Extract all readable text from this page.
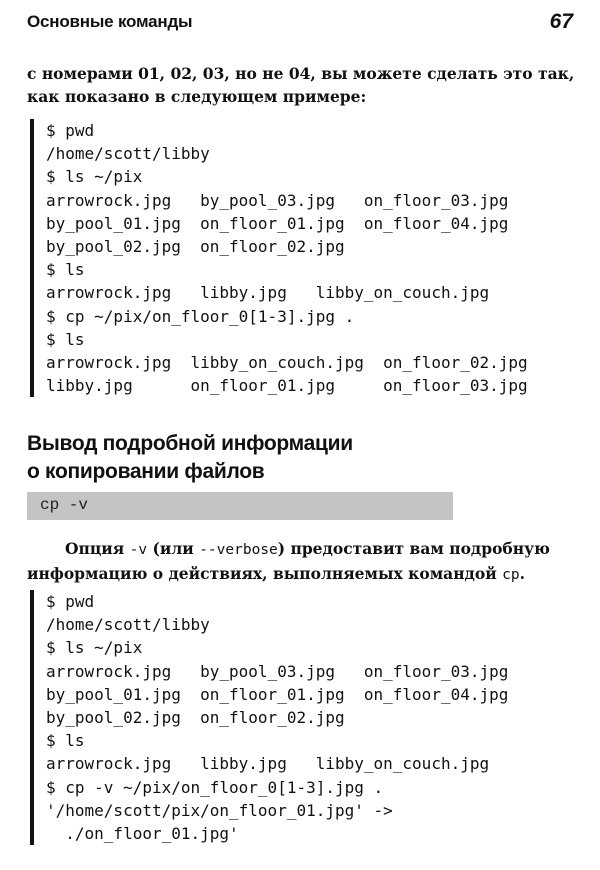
Основные команды	67
с номерами 01, 02, 03, но не 04, вы можете сделать это так,
как показано в следующем примере:
$ pwd
/home/scott/libby
$ ls ~/pix
arrowrock.jpg   by_pool_03.jpg   on_floor_03.jpg
by_pool_01.jpg  on_floor_01.jpg  on_floor_04.jpg
by_pool_02.jpg  on_floor_02.jpg
$ ls
arrowrock.jpg   libby.jpg   libby_on_couch.jpg
$ cp ~/pix/on_floor_0[1-3].jpg .
$ ls
arrowrock.jpg  libby_on_couch.jpg  on_floor_02.jpg
libby.jpg      on_floor_01.jpg     on_floor_03.jpg
Вывод подробной информации
о копировании файлов
cp -v
Опция -v (или --verbose) предоставит вам подробную
информацию о действиях, выполняемых командой cp.
$ pwd
/home/scott/libby
$ ls ~/pix
arrowrock.jpg   by_pool_03.jpg   on_floor_03.jpg
by_pool_01.jpg  on_floor_01.jpg  on_floor_04.jpg
by_pool_02.jpg  on_floor_02.jpg
$ ls
arrowrock.jpg   libby.jpg   libby_on_couch.jpg
$ cp -v ~/pix/on_floor_0[1-3].jpg .
'/home/scott/pix/on_floor_01.jpg' ->
./on_floor_01.jpg'
